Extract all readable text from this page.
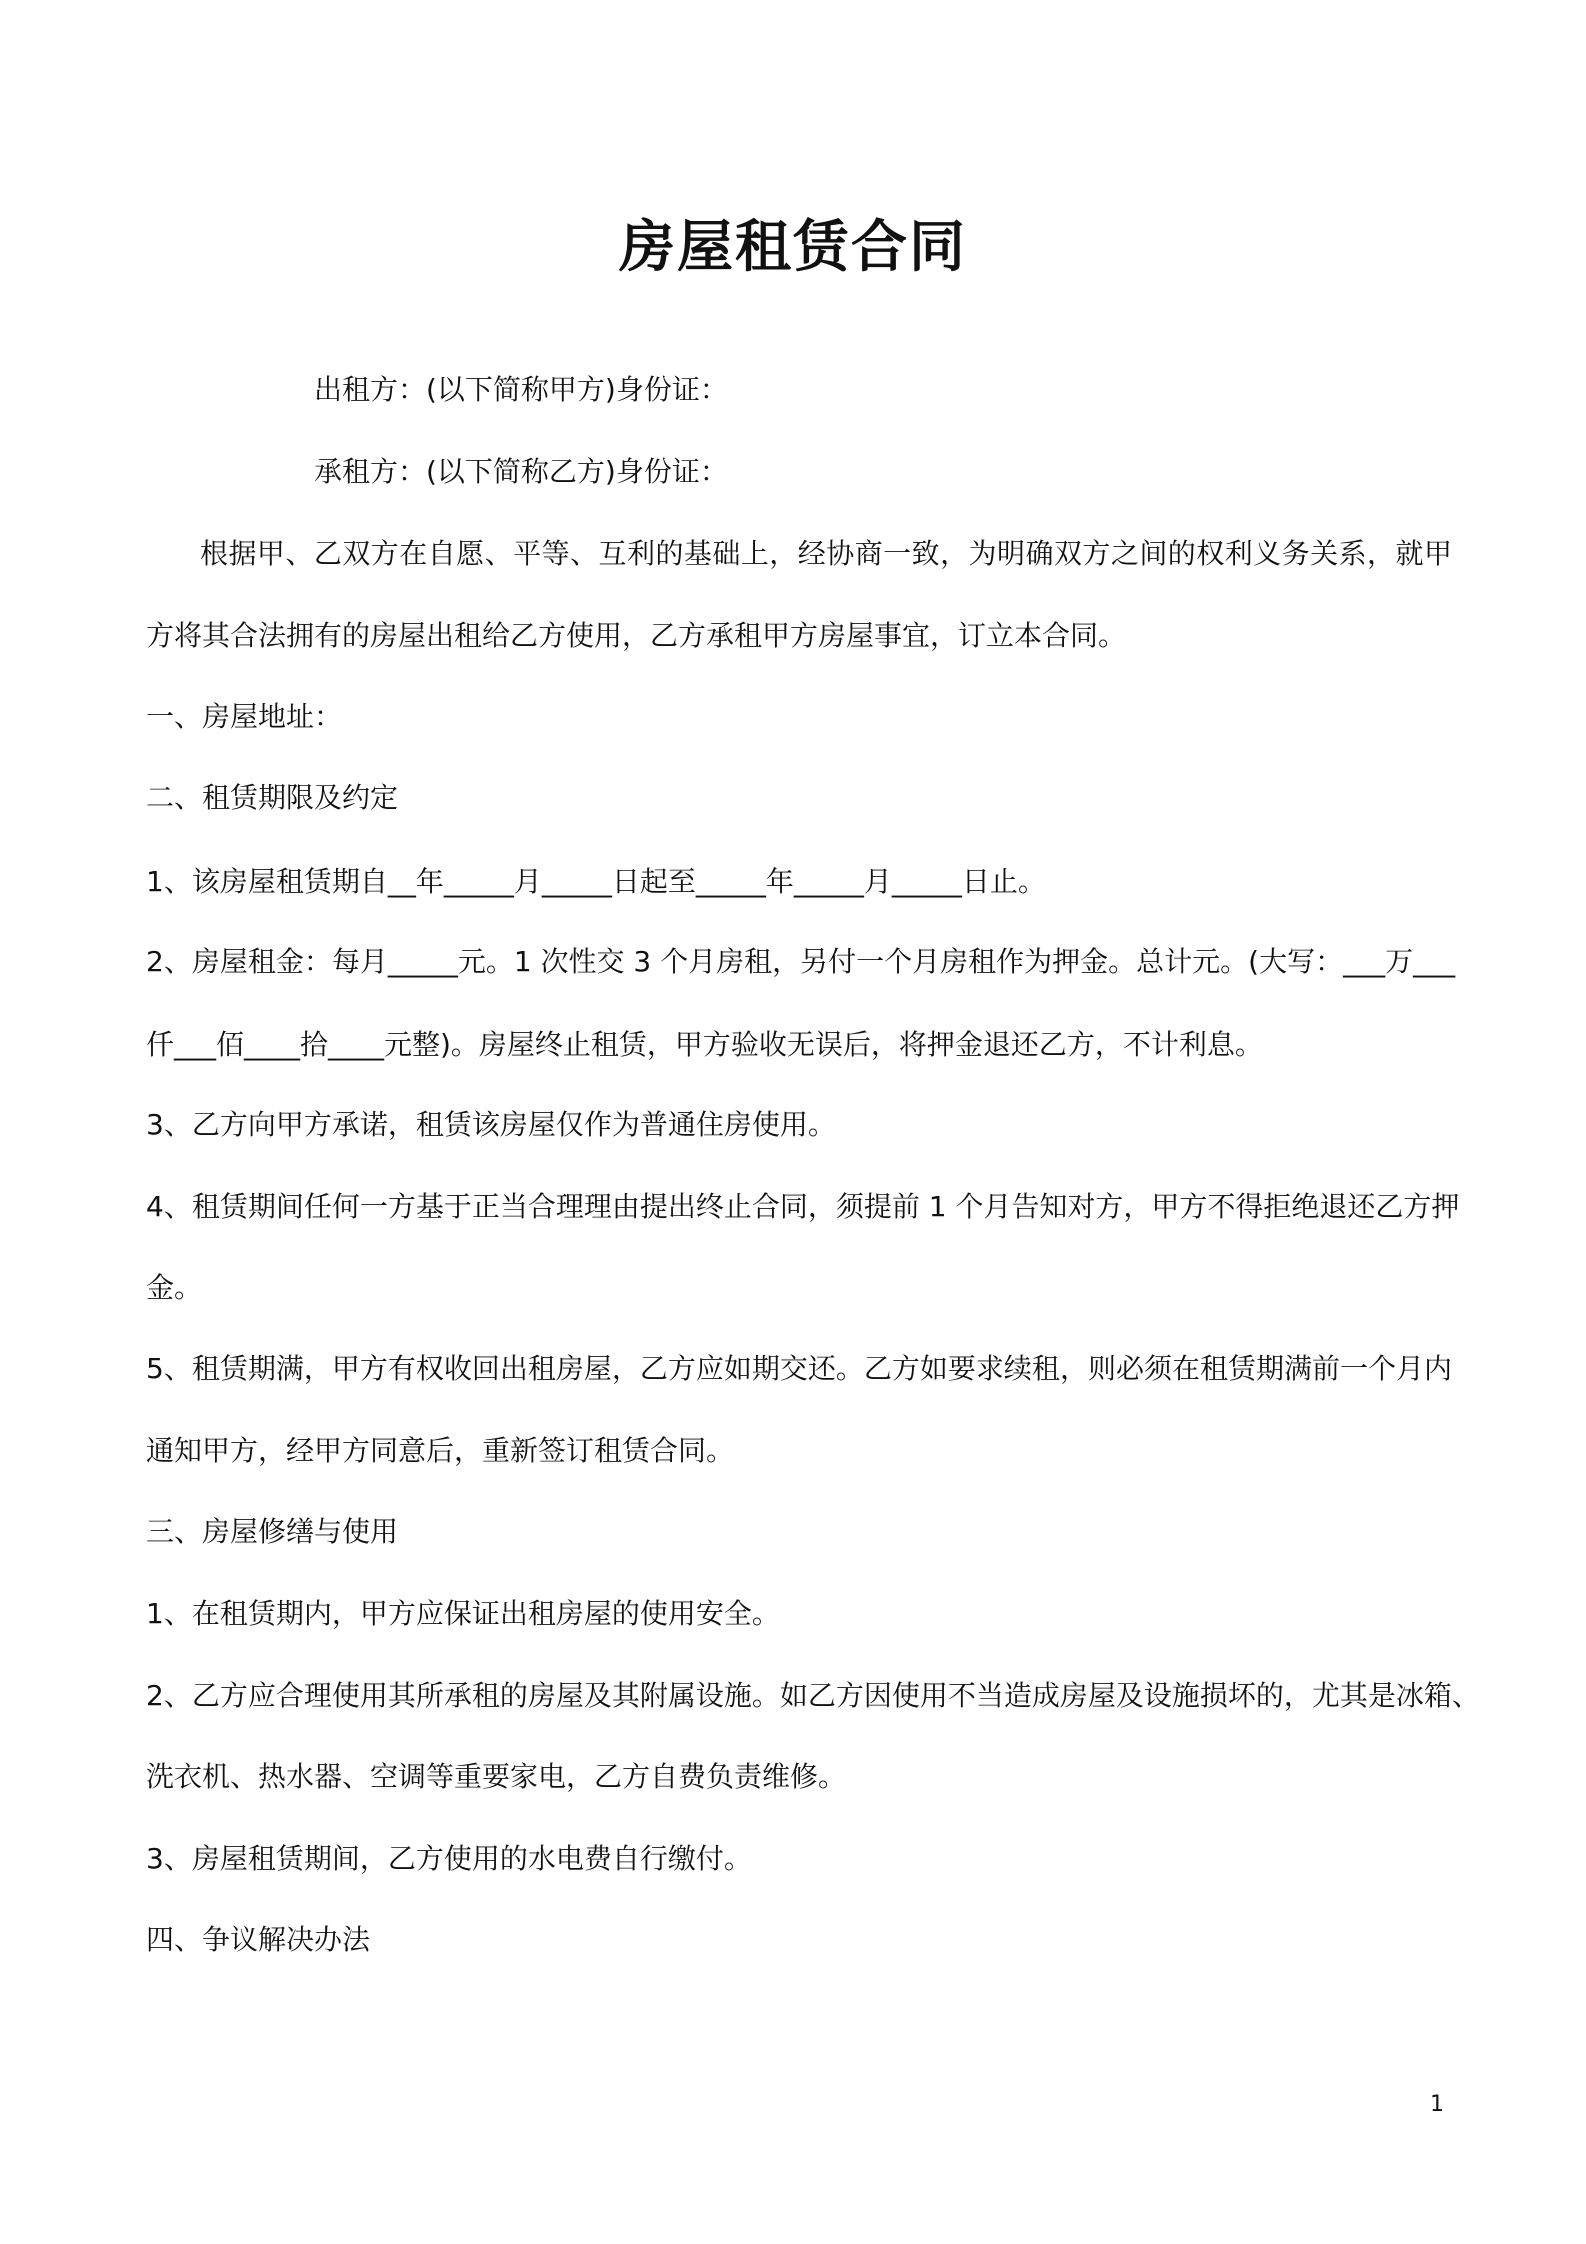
房屋租赁合同
出租方：(以下简称甲方)身份证：
承租方：(以下简称乙方)身份证：
根据甲、乙双方在自愿、平等、互利的基础上，经协商一致，为明确双方之间的权利义务关系，就甲
方将其合法拥有的房屋出租给乙方使用，乙方承租甲方房屋事宜，订立本合同。
一、房屋地址：
二、租赁期限及约定
1、该房屋租赁期自__年_____月_____日起至_____年_____月_____日止。
2、房屋租金：每月_____元。1 次性交 3 个月房租，另付一个月房租作为押金。总计元。(大写：___万___
仟___佰____拾____元整)。房屋终止租赁，甲方验收无误后，将押金退还乙方，不计利息。
3、乙方向甲方承诺，租赁该房屋仅作为普通住房使用。
4、租赁期间任何一方基于正当合理理由提出终止合同，须提前 1 个月告知对方，甲方不得拒绝退还乙方押
金。
5、租赁期满，甲方有权收回出租房屋，乙方应如期交还。乙方如要求续租，则必须在租赁期满前一个月内
通知甲方，经甲方同意后，重新签订租赁合同。
三、房屋修缮与使用
1、在租赁期内，甲方应保证出租房屋的使用安全。
2、乙方应合理使用其所承租的房屋及其附属设施。如乙方因使用不当造成房屋及设施损坏的，尤其是冰箱、
洗衣机、热水器、空调等重要家电，乙方自费负责维修。
3、房屋租赁期间，乙方使用的水电费自行缴付。
四、争议解决办法
1
